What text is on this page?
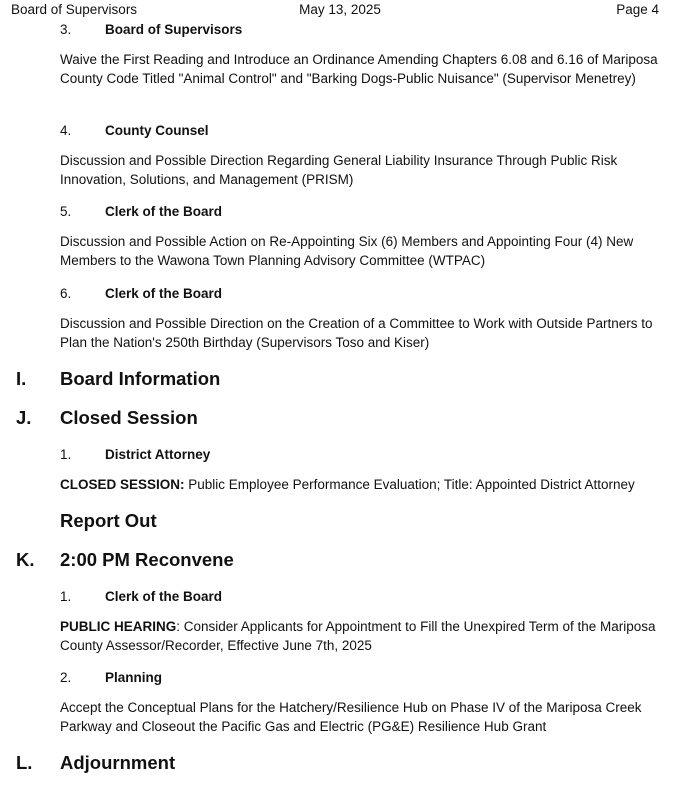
Board of Supervisors	May 13, 2025	Page 4
3. Board of Supervisors
Waive the First Reading and Introduce an Ordinance Amending Chapters 6.08 and 6.16 of Mariposa County Code Titled "Animal Control" and "Barking Dogs-Public Nuisance" (Supervisor Menetrey)
4. County Counsel
Discussion and Possible Direction Regarding General Liability Insurance Through Public Risk Innovation, Solutions, and Management (PRISM)
5. Clerk of the Board
Discussion and Possible Action on Re-Appointing Six (6) Members and Appointing Four (4) New Members to the Wawona Town Planning Advisory Committee (WTPAC)
6. Clerk of the Board
Discussion and Possible Direction on the Creation of a Committee to Work with Outside Partners to Plan the Nation's 250th Birthday (Supervisors Toso and Kiser)
I. Board Information
J. Closed Session
1. District Attorney
CLOSED SESSION: Public Employee Performance Evaluation; Title: Appointed District Attorney
Report Out
K. 2:00 PM Reconvene
1. Clerk of the Board
PUBLIC HEARING: Consider Applicants for Appointment to Fill the Unexpired Term of the Mariposa County Assessor/Recorder, Effective June 7th, 2025
2. Planning
Accept the Conceptual Plans for the Hatchery/Resilience Hub on Phase IV of the Mariposa Creek Parkway and Closeout the Pacific Gas and Electric (PG&E) Resilience Hub Grant
L. Adjournment
